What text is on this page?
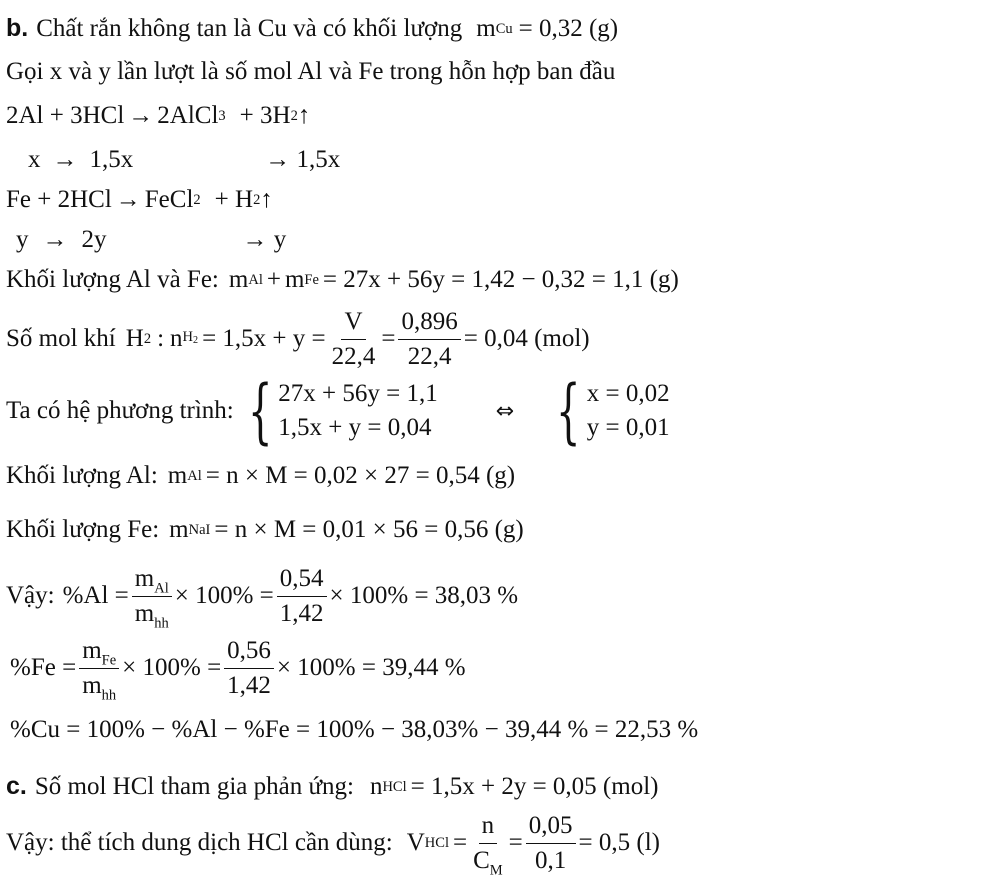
b. Chất rắn không tan là Cu và có khối lượng m Cu = 0,32 (g)
Gọi x và y lần lượt là số mol Al và Fe trong hỗn hợp ban đầu
2Al + 3HCl → 2AlCl 3 + 3H 2 ↑
x → 1,5x	→ 1,5x
Fe + 2HCl → FeCl 2 + H 2 ↑
y → 2y	→ y
Khối lượng Al và Fe: m Al + m Fe = 27x + 56y = 1,42 − 0,32 = 1,1 (g)
Số mol khí H 2 : n $H2 = 1,5x + y = \frac{V}{22,4} = \frac{0,896}{22,4} = 0,04$ (mol)
Ta có hệ phương trình: { 27x + 56y = 1,1
1,5x + y = 0,04
⇔ { x = 0,02
y = 0,01
Khối lượng Al: m Al = n × M = 0,02 × 27 = 0,54 (g)
Khối lượng Fe: m NaI = n × M = 0,01 × 56 = 0,56 (g)
Vậy: $\%Al = \frac{m_{Al}}{m_{hh}} \times 100\% = \frac{0,54}{1,42} \times 100\% = 38,03$ %
$\%Fe = \frac{m_{Fe}}{m_{hh}} \times 100\% = \frac{0,56}{1,42} \times 100\% = 39,44$ %
%Cu = 100% − %Al − %Fe = 100% − 38,03% − 39,44 % = 22,53 %
c. Số mol HCl tham gia phản ứng: n HCl = 1,5x + 2y = 0,05 (mol)
Vậy: thể tích dung dịch HCl cần dùng: V HCl = $\frac{n}{C_M} = \frac{0,05}{0,1} = 0,5$ (l)
